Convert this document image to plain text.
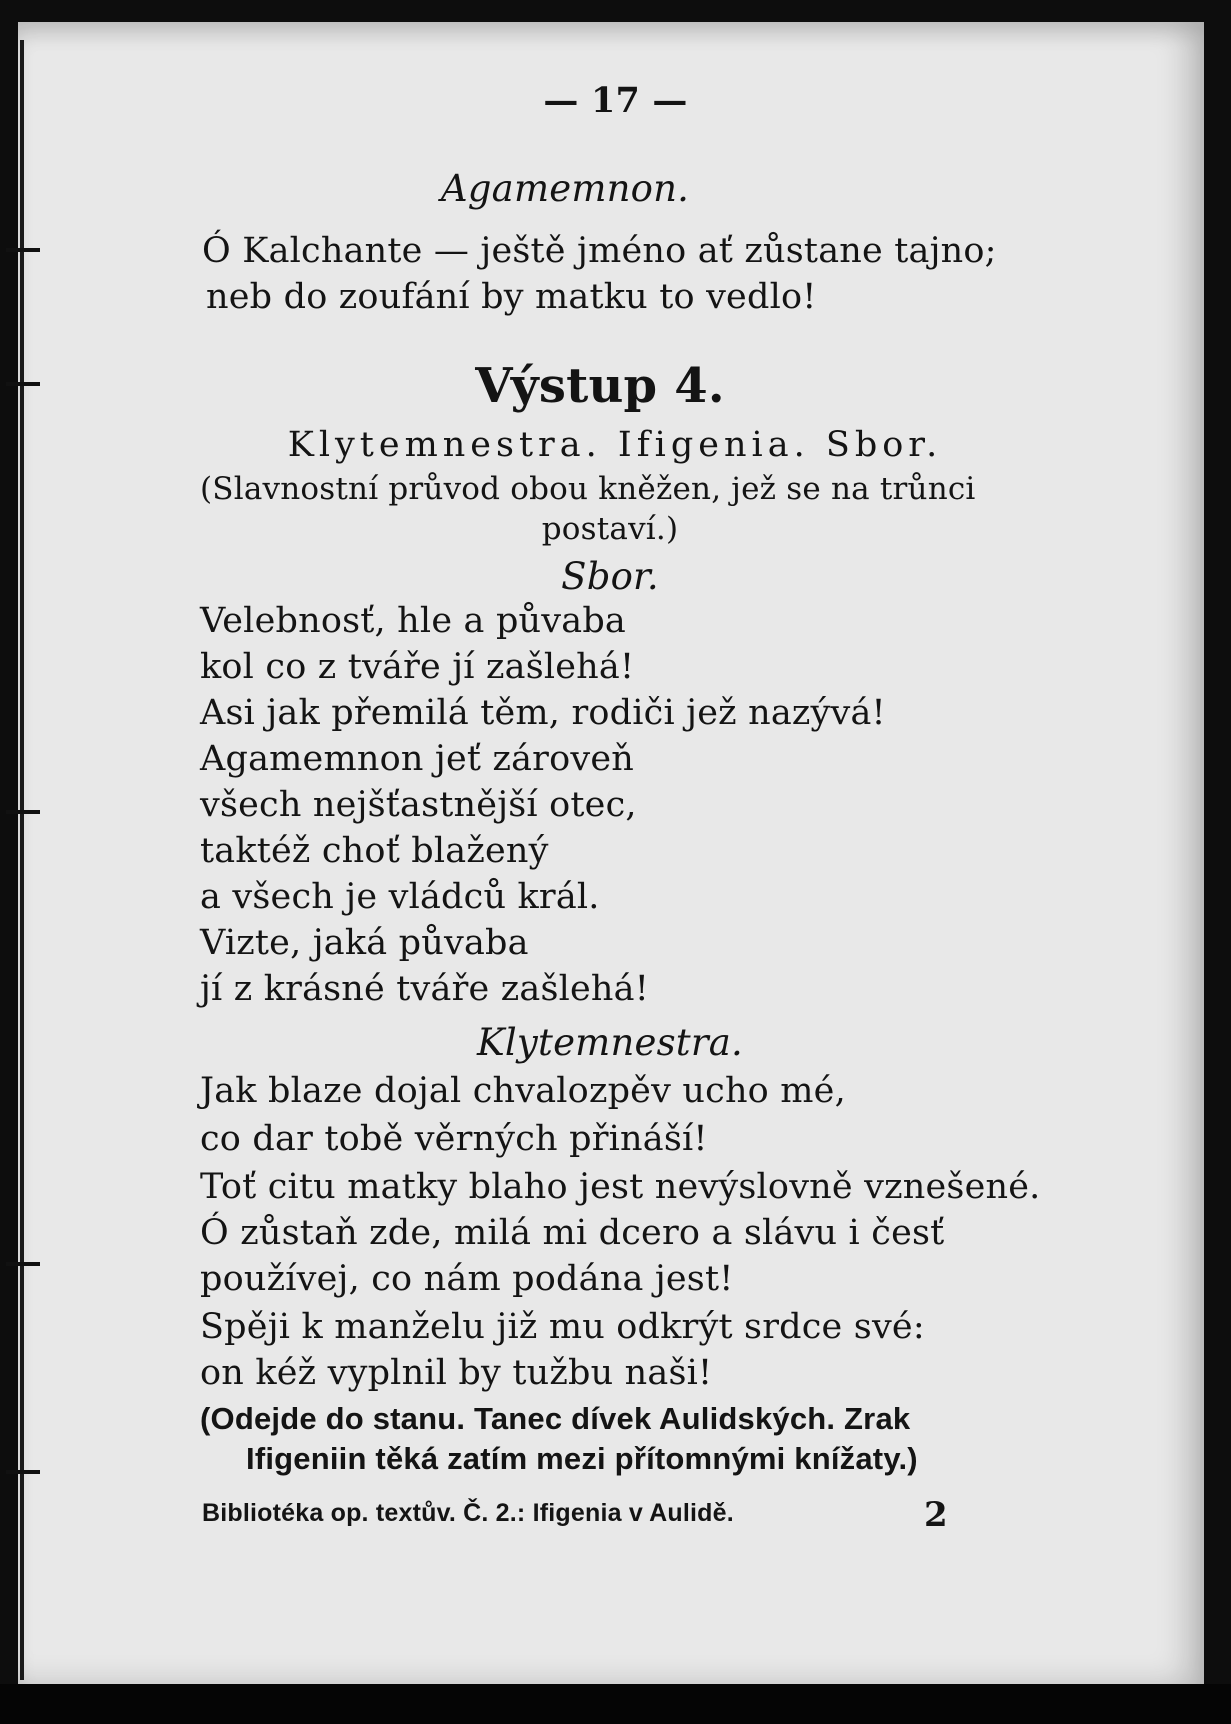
— 17 —
Agamemnon.
Ó Kalchante — ještě jméno ať zůstane tajno;
neb do zoufání by matku to vedlo!
Výstup 4.
Klytemnestra. Ifigenia. Sbor.
(Slavnostní průvod obou kněžen, jež se na trůnci
postaví.)
Sbor.
Velebnosť, hle a půvaba
kol co z tváře jí zašlehá!
Asi jak přemilá těm, rodiči jež nazývá!
Agamemnon jeť zároveň
všech nejšťastnější otec,
taktéž choť blažený
a všech je vládců král.
Vizte, jaká půvaba
jí z krásné tváře zašlehá!
Klytemnestra.
Jak blaze dojal chvalozpěv ucho mé,
co dar tobě věrných přináší!
Toť citu matky blaho jest nevýslovně vznešené.
Ó zůstaň zde, milá mi dcero a slávu i česť
používej, co nám podána jest!
Spěji k manželu již mu odkrýt srdce své:
on kéž vyplnil by tužbu naši!
(Odejde do stanu. Tanec dívek Aulidských. Zrak
Ifigeniin těká zatím mezi přítomnými knížaty.)
Bibliotéka op. textův. Č. 2.: Ifigenia v Aulidě.	2
